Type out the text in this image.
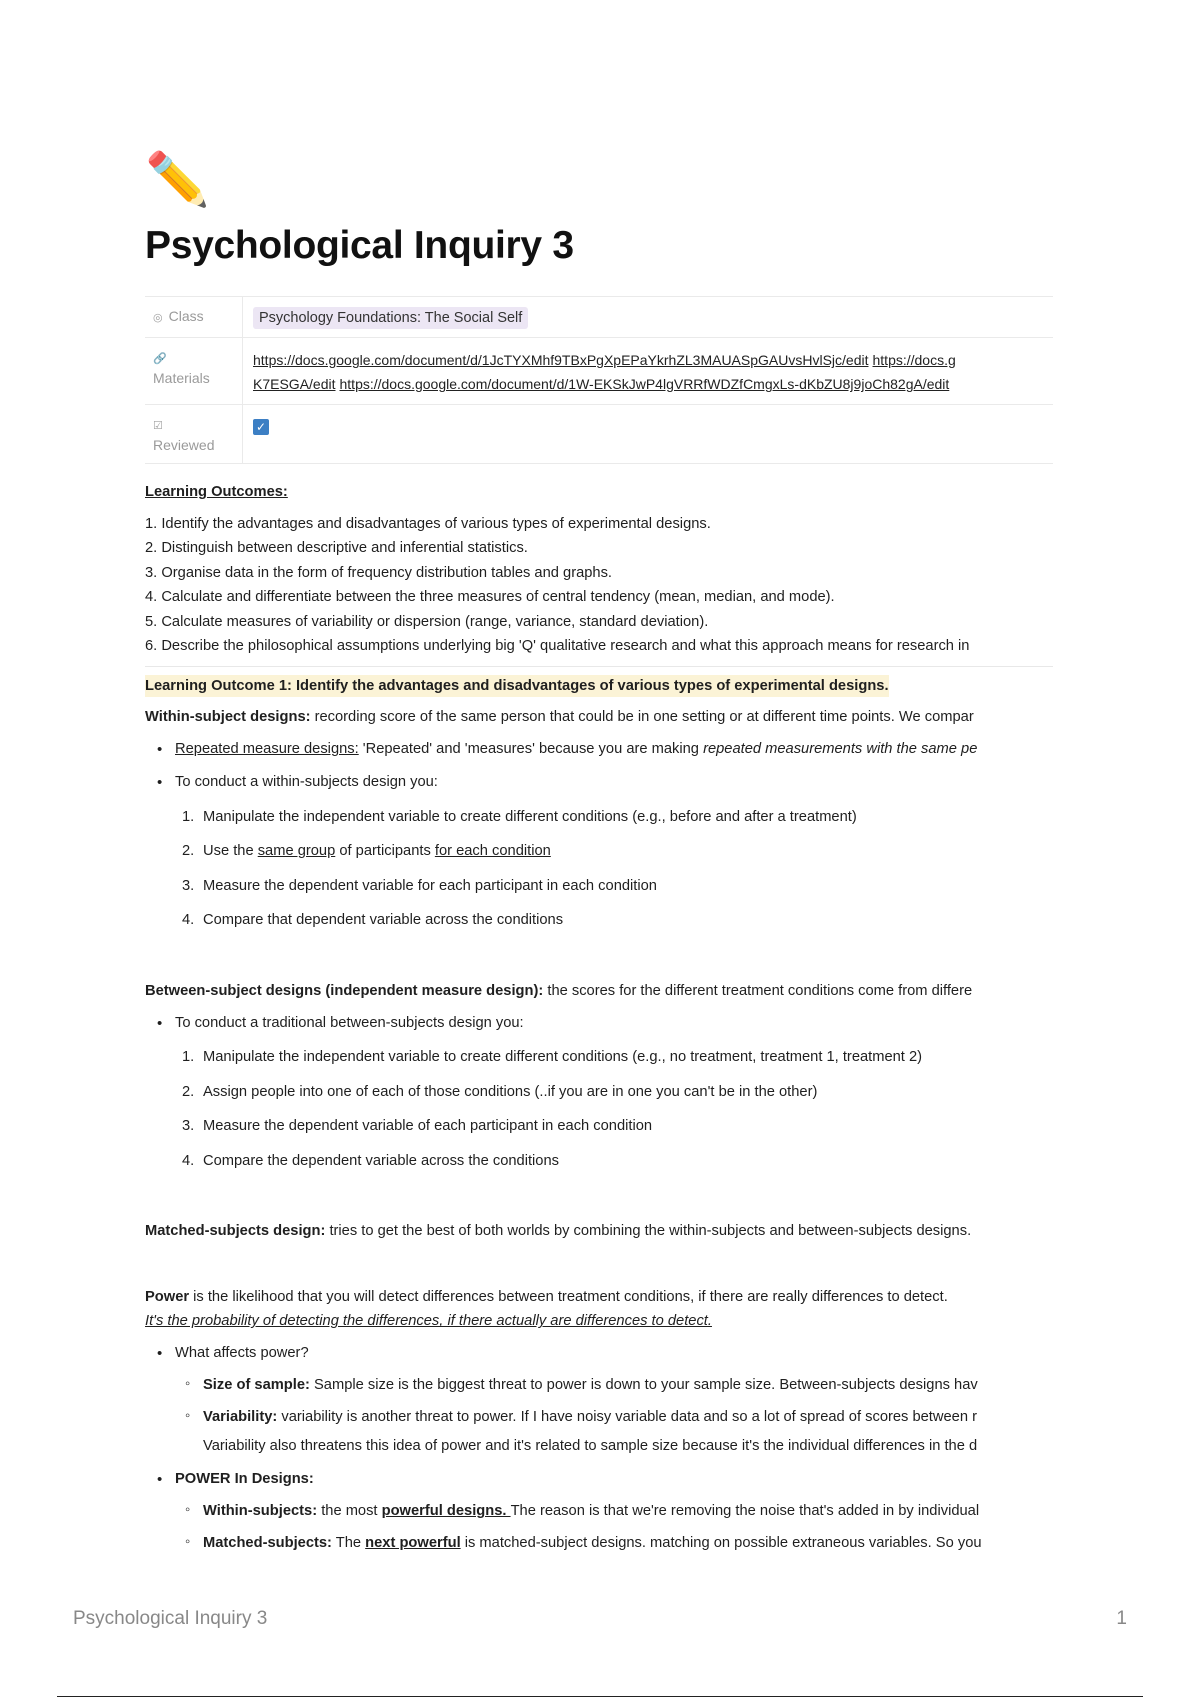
✏️
Psychological Inquiry 3
◎ Class	Psychology Foundations: The Social Self
🔗
Materials	https://docs.google.com/document/d/1JcTYXMhf9TBxPgXpEPaYkrhZL3MAUASpGAUvsHvlSjc/edit https://docs.g
K7ESGA/edit https://docs.google.com/document/d/1W-EKSkJwP4lgVRRfWDZfCmgxLs-dKbZU8j9joCh82gA/edit
☑
Reviewed	✓
Learning Outcomes:
1. Identify the advantages and disadvantages of various types of experimental designs.
2. Distinguish between descriptive and inferential statistics.
3. Organise data in the form of frequency distribution tables and graphs.
4. Calculate and differentiate between the three measures of central tendency (mean, median, and mode).
5. Calculate measures of variability or dispersion (range, variance, standard deviation).
6. Describe the philosophical assumptions underlying big 'Q' qualitative research and what this approach means for research in
Learning Outcome 1: Identify the advantages and disadvantages of various types of experimental designs.
Within-subject designs: recording score of the same person that could be in one setting or at different time points. We compar
• Repeated measure designs: 'Repeated' and 'measures' because you are making repeated measurements with the same pe
• To conduct a within-subjects design you:
1. Manipulate the independent variable to create different conditions (e.g., before and after a treatment)
2. Use the same group of participants for each condition
3. Measure the dependent variable for each participant in each condition
4. Compare that dependent variable across the conditions
Between-subject designs (independent measure design): the scores for the different treatment conditions come from differe
• To conduct a traditional between-subjects design you:
1. Manipulate the independent variable to create different conditions (e.g., no treatment, treatment 1, treatment 2)
2. Assign people into one of each of those conditions (..if you are in one you can't be in the other)
3. Measure the dependent variable of each participant in each condition
4. Compare the dependent variable across the conditions
Matched-subjects design: tries to get the best of both worlds by combining the within-subjects and between-subjects designs.
Power is the likelihood that you will detect differences between treatment conditions, if there are really differences to detect.
It's the probability of detecting the differences, if there actually are differences to detect.
• What affects power?
◦ Size of sample: Sample size is the biggest threat to power is down to your sample size. Between-subjects designs hav
◦ Variability: variability is another threat to power. If I have noisy variable data and so a lot of spread of scores between r
Variability also threatens this idea of power and it's related to sample size because it's the individual differences in the d
• POWER In Designs:
◦ Within-subjects: the most powerful designs. The reason is that we're removing the noise that's added in by individual
◦ Matched-subjects: The next powerful is matched-subject designs. matching on possible extraneous variables. So you
Psychological Inquiry 3	1
